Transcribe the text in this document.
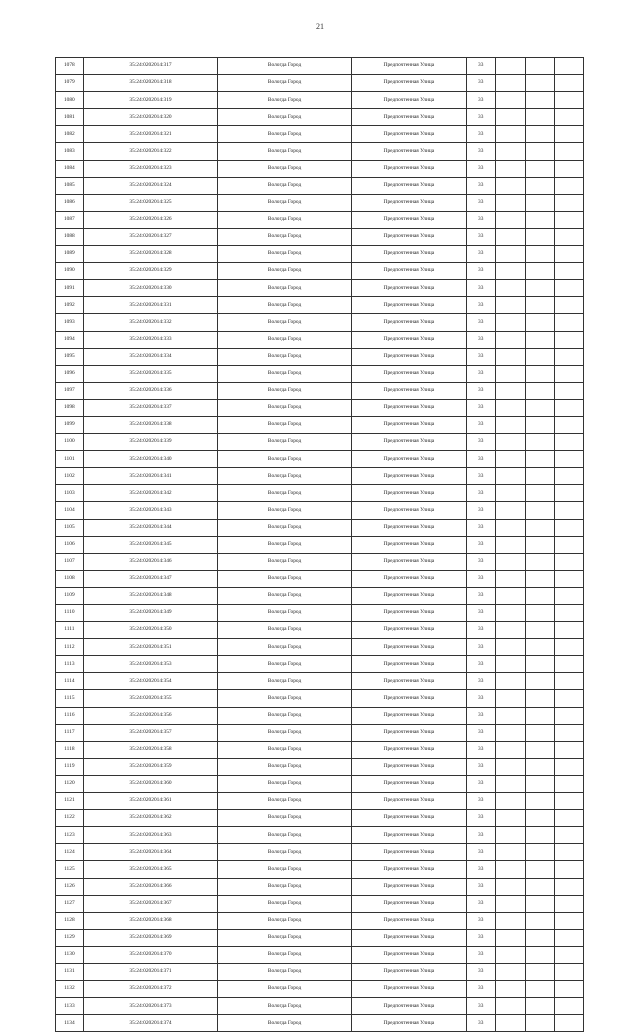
21
1078	35:24:0202014:317	Вологда Город	Предпочтенная Улица	33			
1079	35:24:0202014:318	Вологда Город	Предпочтенная Улица	33			
1080	35:24:0202014:319	Вологда Город	Предпочтенная Улица	33			
1081	35:24:0202014:320	Вологда Город	Предпочтенная Улица	33			
1082	35:24:0202014:321	Вологда Город	Предпочтенная Улица	33			
1083	35:24:0202014:322	Вологда Город	Предпочтенная Улица	33			
1084	35:24:0202014:323	Вологда Город	Предпочтенная Улица	33			
1085	35:24:0202014:324	Вологда Город	Предпочтенная Улица	33			
1086	35:24:0202014:325	Вологда Город	Предпочтенная Улица	33			
1087	35:24:0202014:326	Вологда Город	Предпочтенная Улица	33			
1088	35:24:0202014:327	Вологда Город	Предпочтенная Улица	33			
1089	35:24:0202014:328	Вологда Город	Предпочтенная Улица	33			
1090	35:24:0202014:329	Вологда Город	Предпочтенная Улица	33			
1091	35:24:0202014:330	Вологда Город	Предпочтенная Улица	33			
1092	35:24:0202014:331	Вологда Город	Предпочтенная Улица	33			
1093	35:24:0202014:332	Вологда Город	Предпочтенная Улица	33			
1094	35:24:0202014:333	Вологда Город	Предпочтенная Улица	33			
1095	35:24:0202014:334	Вологда Город	Предпочтенная Улица	33			
1096	35:24:0202014:335	Вологда Город	Предпочтенная Улица	33			
1097	35:24:0202014:336	Вологда Город	Предпочтенная Улица	33			
1098	35:24:0202014:337	Вологда Город	Предпочтенная Улица	33			
1099	35:24:0202014:338	Вологда Город	Предпочтенная Улица	33			
1100	35:24:0202014:339	Вологда Город	Предпочтенная Улица	33			
1101	35:24:0202014:340	Вологда Город	Предпочтенная Улица	33			
1102	35:24:0202014:341	Вологда Город	Предпочтенная Улица	33			
1103	35:24:0202014:342	Вологда Город	Предпочтенная Улица	33			
1104	35:24:0202014:343	Вологда Город	Предпочтенная Улица	33			
1105	35:24:0202014:344	Вологда Город	Предпочтенная Улица	33			
1106	35:24:0202014:345	Вологда Город	Предпочтенная Улица	33			
1107	35:24:0202014:346	Вологда Город	Предпочтенная Улица	33			
1108	35:24:0202014:347	Вологда Город	Предпочтенная Улица	33			
1109	35:24:0202014:348	Вологда Город	Предпочтенная Улица	33			
1110	35:24:0202014:349	Вологда Город	Предпочтенная Улица	33			
1111	35:24:0202014:350	Вологда Город	Предпочтенная Улица	33			
1112	35:24:0202014:351	Вологда Город	Предпочтенная Улица	33			
1113	35:24:0202014:353	Вологда Город	Предпочтенная Улица	33			
1114	35:24:0202014:354	Вологда Город	Предпочтенная Улица	33			
1115	35:24:0202014:355	Вологда Город	Предпочтенная Улица	33			
1116	35:24:0202014:356	Вологда Город	Предпочтенная Улица	33			
1117	35:24:0202014:357	Вологда Город	Предпочтенная Улица	33			
1118	35:24:0202014:358	Вологда Город	Предпочтенная Улица	33			
1119	35:24:0202014:359	Вологда Город	Предпочтенная Улица	33			
1120	35:24:0202014:360	Вологда Город	Предпочтенная Улица	33			
1121	35:24:0202014:361	Вологда Город	Предпочтенная Улица	33			
1122	35:24:0202014:362	Вологда Город	Предпочтенная Улица	33			
1123	35:24:0202014:363	Вологда Город	Предпочтенная Улица	33			
1124	35:24:0202014:364	Вологда Город	Предпочтенная Улица	33			
1125	35:24:0202014:365	Вологда Город	Предпочтенная Улица	33			
1126	35:24:0202014:366	Вологда Город	Предпочтенная Улица	33			
1127	35:24:0202014:367	Вологда Город	Предпочтенная Улица	33			
1128	35:24:0202014:368	Вологда Город	Предпочтенная Улица	33			
1129	35:24:0202014:369	Вологда Город	Предпочтенная Улица	33			
1130	35:24:0202014:370	Вологда Город	Предпочтенная Улица	33			
1131	35:24:0202014:371	Вологда Город	Предпочтенная Улица	33			
1132	35:24:0202014:372	Вологда Город	Предпочтенная Улица	33			
1133	35:24:0202014:373	Вологда Город	Предпочтенная Улица	33			
1134	35:24:0202014:374	Вологда Город	Предпочтенная Улица	33			
